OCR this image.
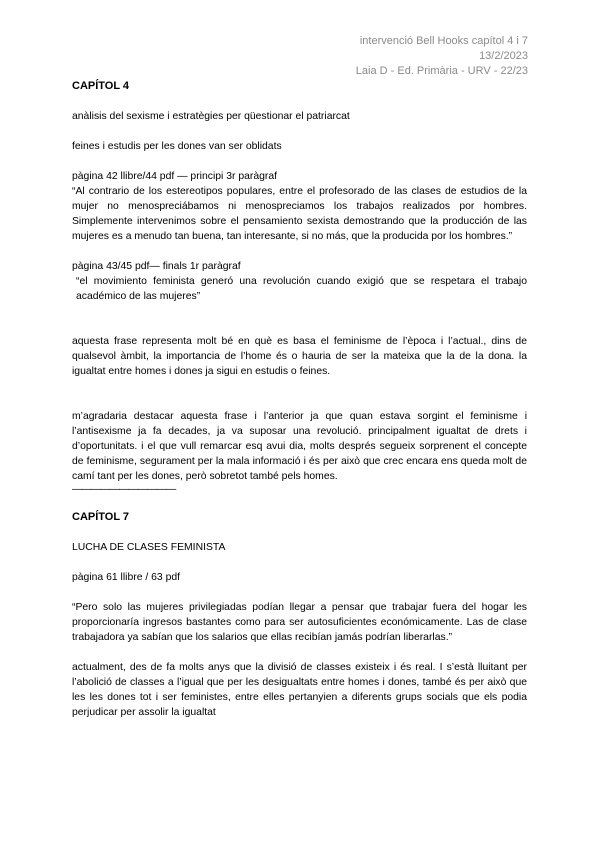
intervenció Bell Hooks capítol 4 i 7
13/2/2023
Laia D - Ed. Primària - URV - 22/23

CAPÍTOL 4

anàlisis del sexisme i estratègies per qüestionar el patriarcat

feines i estudis per les dones van ser oblidats

pàgina 42 llibre/44 pdf — principi 3r paràgraf

“Al contrario de los estereotipos populares, entre el profesorado de las clases de estudios de la mujer no menospreciábamos ni menospreciamos los trabajos realizados por hombres. Simplemente intervenimos sobre el pensamiento sexista demostrando que la producción de las mujeres es a menudo tan buena, tan interesante, si no más, que la producida por los hombres.”

pàgina 43/45 pdf— finals 1r paràgraf

“el movimiento feminista generó una revolución cuando exigió que se respetara el trabajo académico de las mujeres”

aquesta frase representa molt bé en què es basa el feminisme de l’època i l’actual., dins de qualsevol àmbit, la importancia de l’home és o hauria de ser la mateixa que la de la dona. la igualtat entre homes i dones ja sigui en estudis o feines.

m’agradaria destacar aquesta frase i l’anterior ja que quan estava sorgint el feminisme i l’antisexisme ja fa decades, ja va suposar una revolució. principalment igualtat de drets i d’oportunitats. i el que vull remarcar esq avui dia, molts després segueix sorprenent el concepte de feminisme, segurament per la mala informació i és per això que crec encara ens queda molt de camí tant per les dones, però sobretot també pels homes.

———————————

CAPÍTOL 7

LUCHA DE CLASES FEMINISTA

pàgina 61 llibre / 63 pdf

“Pero solo las mujeres privilegiadas podían llegar a pensar que trabajar fuera del hogar les proporcionaría ingresos bastantes como para ser autosuficientes económicamente. Las de clase trabajadora ya sabían que los salarios que ellas recibían jamás podrían liberarlas.”

actualment, des de fa molts anys que la divisió de classes existeix i és real. I s’està lluitant per l’abolició de classes a l’igual que per les desigualtats entre homes i dones, també és per això que les les dones tot i ser feministes, entre elles pertanyien a diferents grups socials que els podia perjudicar per assolir la igualtat
